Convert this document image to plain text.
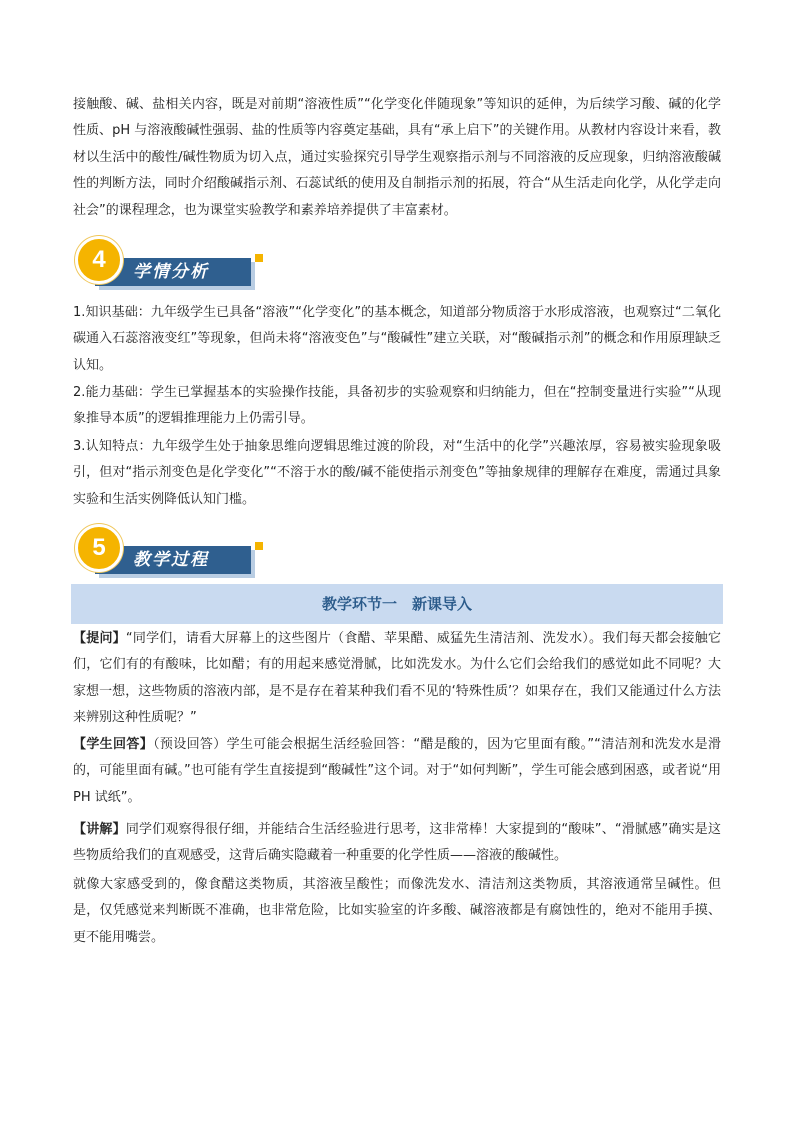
接触酸、碱、盐相关内容，既是对前期“溶液性质”“化学变化伴随现象”等知识的延伸，为后续学习酸、碱的化学性质、pH 与溶液酸碱性强弱、盐的性质等内容奠定基础，具有“承上启下”的关键作用。从教材内容设计来看，教材以生活中的酸性/碱性物质为切入点，通过实验探究引导学生观察指示剂与不同溶液的反应现象，归纳溶液酸碱性的判断方法，同时介绍酸碱指示剂、石蕊试纸的使用及自制指示剂的拓展，符合“从生活走向化学，从化学走向社会”的课程理念，也为课堂实验教学和素养培养提供了丰富素材。

学情分析
4

1.知识基础：九年级学生已具备“溶液”“化学变化”的基本概念，知道部分物质溶于水形成溶液，也观察过“二氧化碳通入石蕊溶液变红”等现象，但尚未将“溶液变色”与“酸碱性”建立关联，对“酸碱指示剂”的概念和作用原理缺乏认知。

2.能力基础：学生已掌握基本的实验操作技能，具备初步的实验观察和归纳能力，但在“控制变量进行实验”“从现象推导本质”的逻辑推理能力上仍需引导。

3.认知特点：九年级学生处于抽象思维向逻辑思维过渡的阶段，对“生活中的化学”兴趣浓厚，容易被实验现象吸引，但对“指示剂变色是化学变化”“不溶于水的酸/碱不能使指示剂变色”等抽象规律的理解存在难度，需通过具象实验和生活实例降低认知门槛。

教学过程
5
教学环节一　新课导入

【提问】“同学们，请看大屏幕上的这些图片（食醋、苹果醋、威猛先生清洁剂、洗发水）。我们每天都会接触它们，它们有的有酸味，比如醋；有的用起来感觉滑腻，比如洗发水。为什么它们会给我们的感觉如此不同呢？大家想一想，这些物质的溶液内部，是不是存在着某种我们看不见的‘特殊性质’？如果存在，我们又能通过什么方法来辨别这种性质呢？”

【学生回答】（预设回答）学生可能会根据生活经验回答：“醋是酸的，因为它里面有酸。”“清洁剂和洗发水是滑的，可能里面有碱。”也可能有学生直接提到“酸碱性”这个词。对于“如何判断”，学生可能会感到困惑，或者说“用 PH 试纸”。

【讲解】同学们观察得很仔细，并能结合生活经验进行思考，这非常棒！大家提到的“酸味”、“滑腻感”确实是这些物质给我们的直观感受，这背后确实隐藏着一种重要的化学性质——溶液的酸碱性。

就像大家感受到的，像食醋这类物质，其溶液呈酸性；而像洗发水、清洁剂这类物质，其溶液通常呈碱性。但是，仅凭感觉来判断既不准确，也非常危险，比如实验室的许多酸、碱溶液都是有腐蚀性的，绝对不能用手摸、更不能用嘴尝。
